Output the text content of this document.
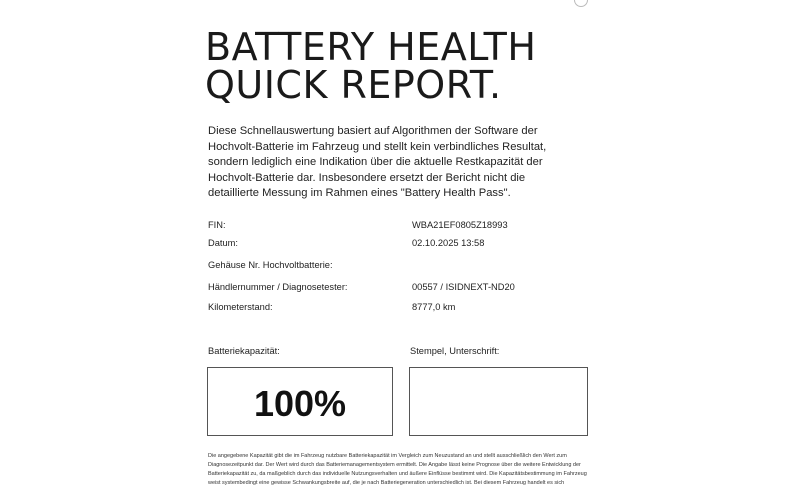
BATTERY HEALTH
QUICK REPORT.

Diese Schnellauswertung basiert auf Algorithmen der Software der Hochvolt-Batterie im Fahrzeug und stellt kein verbindliches Resultat, sondern lediglich eine Indikation über die aktuelle Restkapazität der Hochvolt-Batterie dar. Insbesondere ersetzt der Bericht nicht die detaillierte Messung im Rahmen eines "Battery Health Pass".

FIN:	WBA21EF0805Z18993
Datum:	02.10.2025 13:58
Gehäuse Nr. Hochvoltbatterie:
Händlernummer / Diagnosetester:	00557 / ISIDNEXT-ND20
Kilometerstand:	8777,0 km
Batteriekapazität:	Stempel, Unterschrift:
100%

Die angegebene Kapazität gibt die im Fahrzeug nutzbare Batteriekapazität im Vergleich zum Neuzustand an und stellt ausschließlich den Wert zum Diagnosezeitpunkt dar. Der Wert wird durch das Batteriemanagementsystem ermittelt. Die Angabe lässt keine Prognose über die weitere Entwicklung der Batteriekapazität zu, da maßgeblich durch das individuelle Nutzungsverhalten und äußere Einflüsse bestimmt wird. Die Kapazitätsbestimmung im Fahrzeug weist systembedingt eine gewisse Schwankungsbreite auf, die je nach Batteriegeneration unterschiedlich ist. Bei diesem Fahrzeug handelt es sich
